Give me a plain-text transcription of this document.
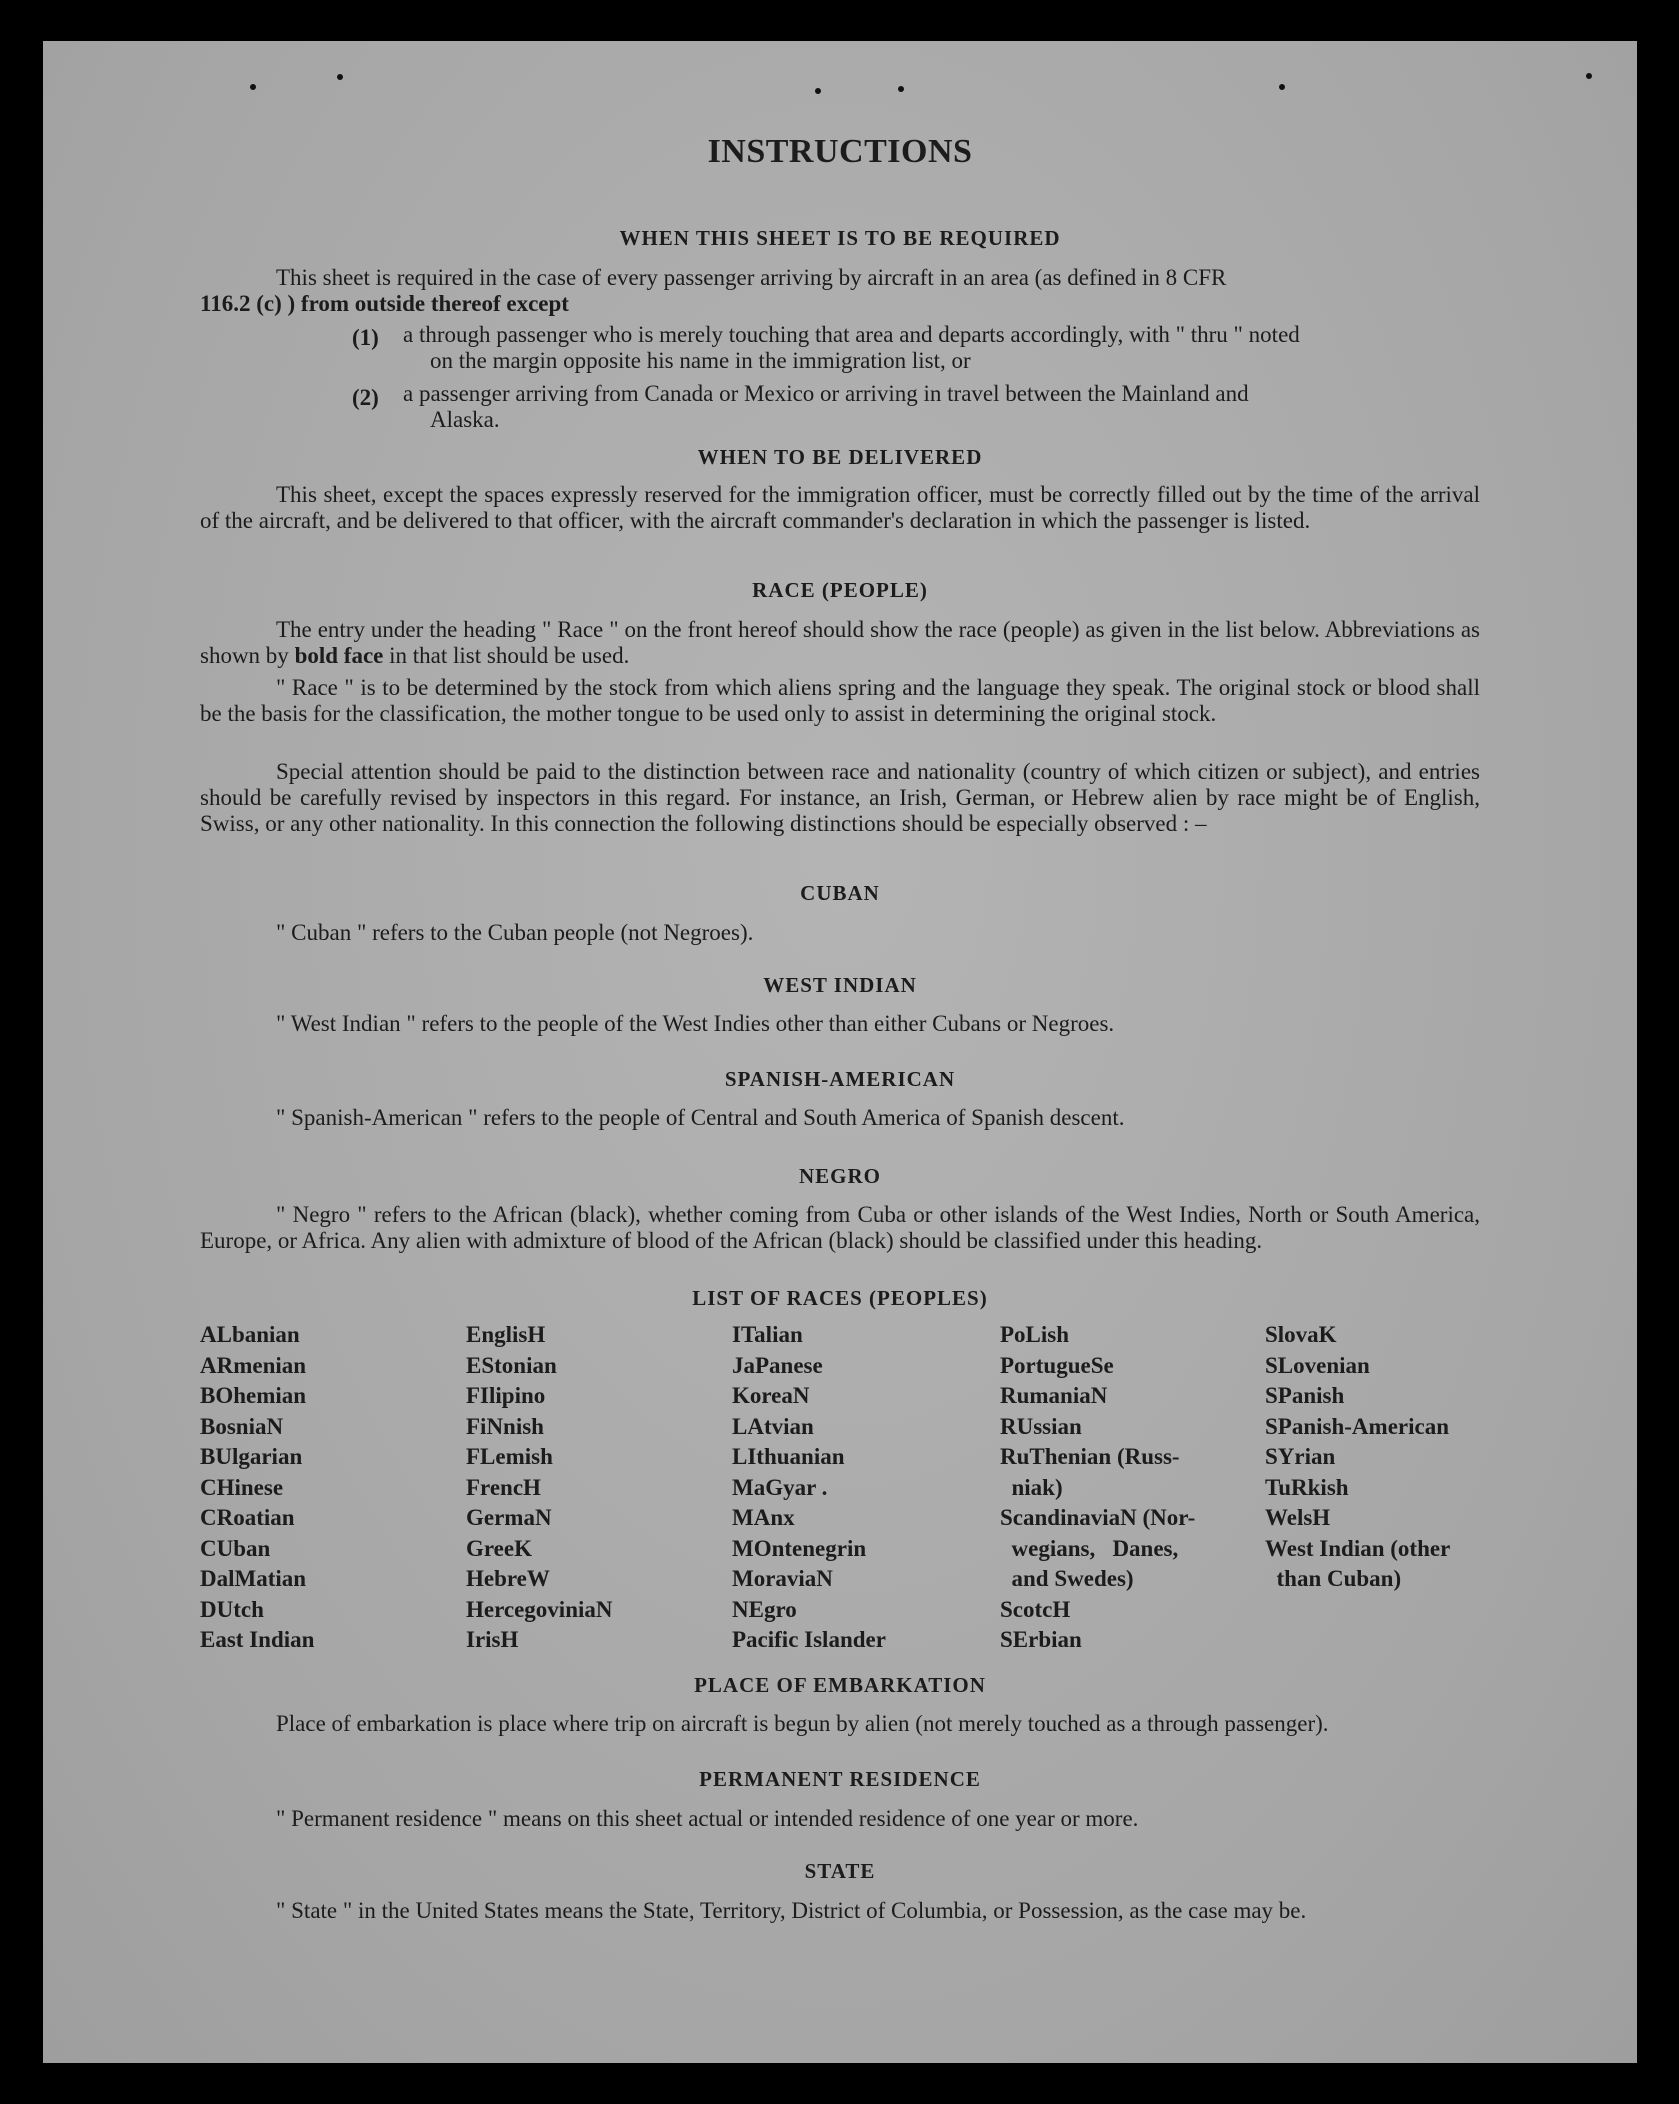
INSTRUCTIONS
WHEN THIS SHEET IS TO BE REQUIRED

This sheet is required in the case of every passenger arriving by aircraft in an area (as defined in 8 CFR

116.2 (c) ) from outside thereof except

(1)	a through passenger who is merely touching that area and departs accordingly, with " thru " noted

on the margin opposite his name in the immigration list, or

(2)	a passenger arriving from Canada or Mexico or arriving in travel between the Mainland and

Alaska.

WHEN TO BE DELIVERED

This sheet, except the spaces expressly reserved for the immigration officer, must be correctly filled out by the time of the arrival of the aircraft, and be delivered to that officer, with the aircraft commander's declaration in which the passenger is listed.

RACE (PEOPLE)

The entry under the heading " Race " on the front hereof should show the race (people) as given in the list below. Abbreviations as shown by bold face in that list should be used.

" Race " is to be determined by the stock from which aliens spring and the language they speak. The original stock or blood shall be the basis for the classification, the mother tongue to be used only to assist in determining the original stock.

Special attention should be paid to the distinction between race and nationality (country of which citizen or subject), and entries should be carefully revised by inspectors in this regard. For instance, an Irish, German, or Hebrew alien by race might be of English, Swiss, or any other nationality. In this connection the following distinctions should be especially observed : –

CUBAN

" Cuban " refers to the Cuban people (not Negroes).

WEST INDIAN

" West Indian " refers to the people of the West Indies other than either Cubans or Negroes.

SPANISH-AMERICAN

" Spanish-American " refers to the people of Central and South America of Spanish descent.

NEGRO

" Negro " refers to the African (black), whether coming from Cuba or other islands of the West Indies, North or South America, Europe, or Africa. Any alien with admixture of blood of the African (black) should be classified under this heading.

LIST OF RACES (PEOPLES)
ALbanian
ARmenian
BOhemian
BosniaN
BUlgarian
CHinese
CRoatian
CUban
DalMatian
DUtch
East Indian
EnglisH
EStonian
FIlipino
FiNnish
FLemish
FrencH
GermaN
GreeK
HebreW
HercegoviniaN
IrisH
ITalian
JaPanese
KoreaN
LAtvian
LIthuanian
MaGyar .
MAnx
MOntenegrin
MoraviaN
NEgro
Pacific Islander
PoLish
PortugueSe
RumaniaN
RUssian
RuThenian (Russ-
niak)
ScandinaviaN (Nor-
wegians,   Danes,
and Swedes)
ScotcH
SErbian
SlovaK
SLovenian
SPanish
SPanish-American
SYrian
TuRkish
WelsH
West Indian (other
than Cuban)
PLACE OF EMBARKATION

Place of embarkation is place where trip on aircraft is begun by alien (not merely touched as a through passenger).

PERMANENT RESIDENCE

" Permanent residence " means on this sheet actual or intended residence of one year or more.

STATE

" State " in the United States means the State, Territory, District of Columbia, or Possession, as the case may be.
